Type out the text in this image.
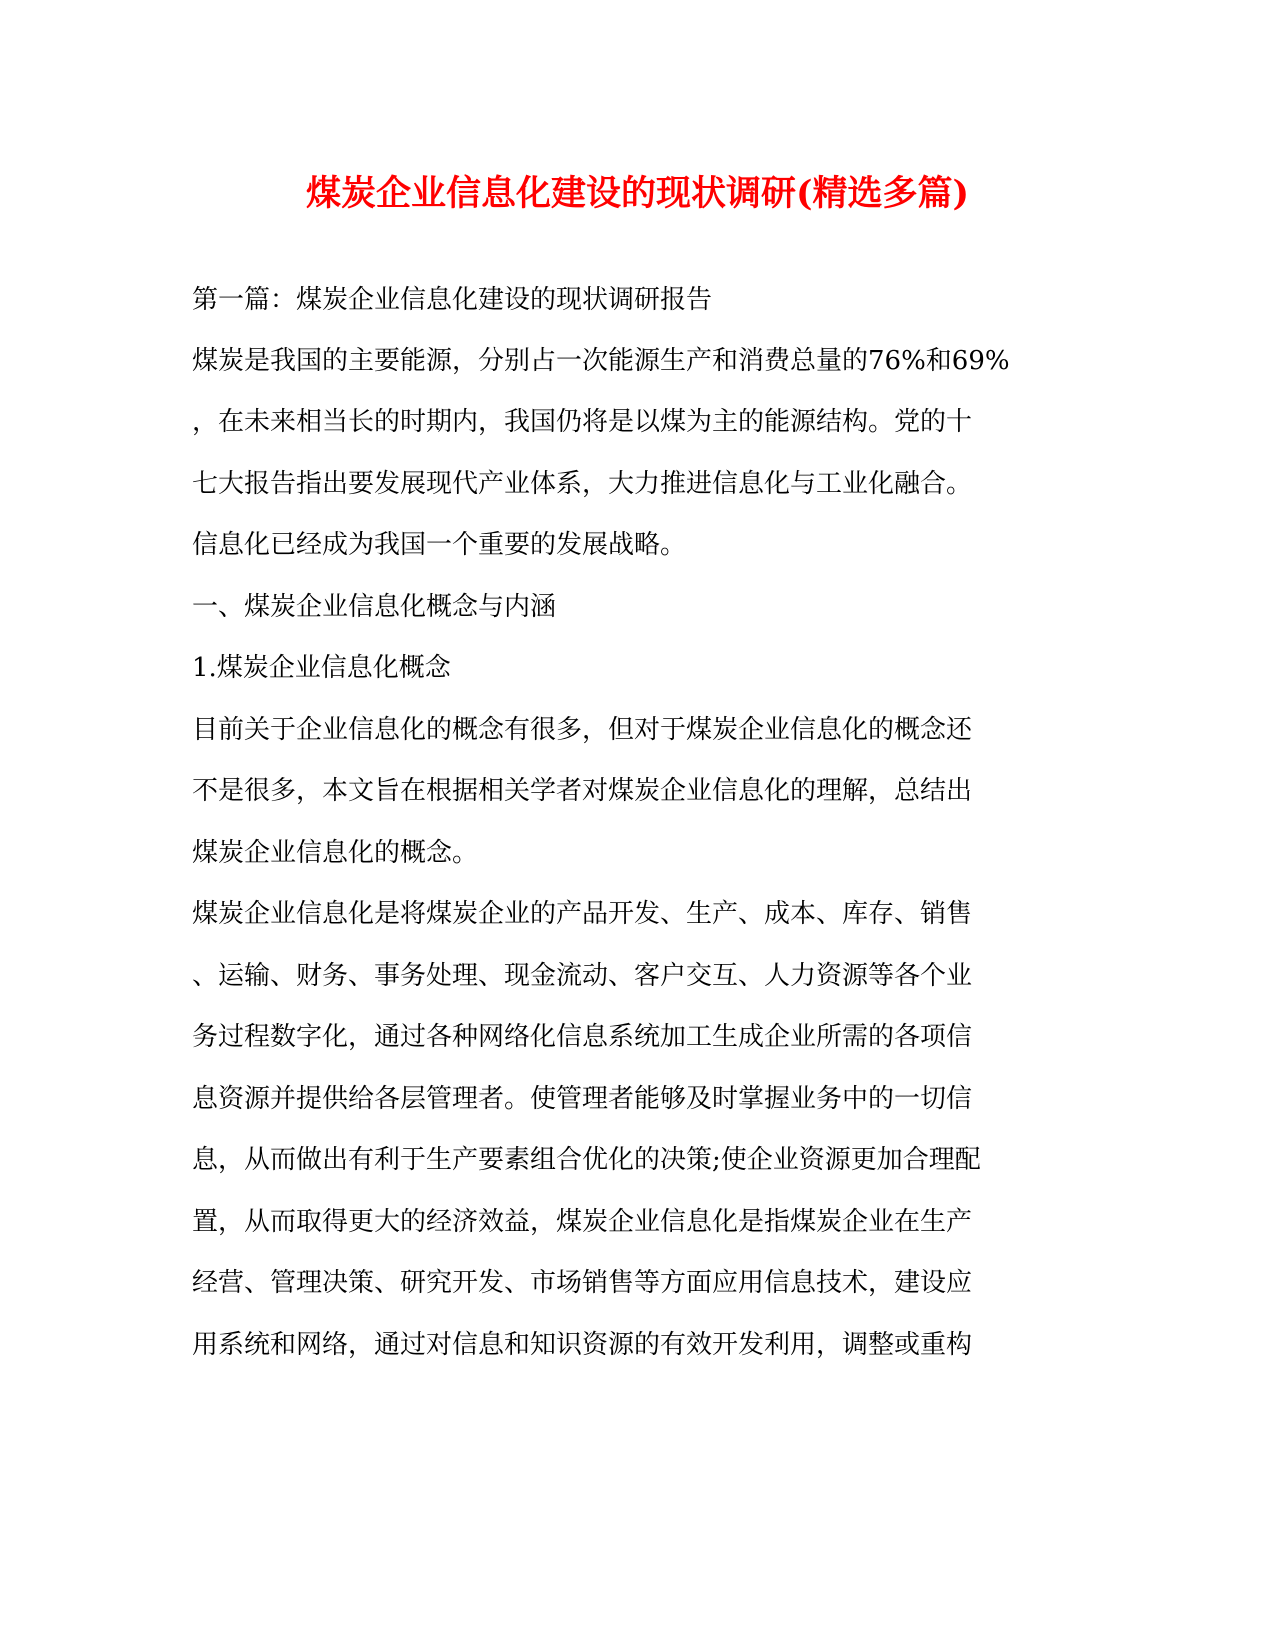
煤炭企业信息化建设的现状调研(精选多篇)
第一篇：煤炭企业信息化建设的现状调研报告
煤炭是我国的主要能源，分别占一次能源生产和消费总量的76%和69%
，在未来相当长的时期内，我国仍将是以煤为主的能源结构。党的十
七大报告指出要发展现代产业体系，大力推进信息化与工业化融合。
信息化已经成为我国一个重要的发展战略。
一、煤炭企业信息化概念与内涵
1.煤炭企业信息化概念
目前关于企业信息化的概念有很多，但对于煤炭企业信息化的概念还
不是很多，本文旨在根据相关学者对煤炭企业信息化的理解，总结出
煤炭企业信息化的概念。
煤炭企业信息化是将煤炭企业的产品开发、生产、成本、库存、销售
、运输、财务、事务处理、现金流动、客户交互、人力资源等各个业
务过程数字化，通过各种网络化信息系统加工生成企业所需的各项信
息资源并提供给各层管理者。使管理者能够及时掌握业务中的一切信
息，从而做出有利于生产要素组合优化的决策;使企业资源更加合理配
置，从而取得更大的经济效益，煤炭企业信息化是指煤炭企业在生产
经营、管理决策、研究开发、市场销售等方面应用信息技术，建设应
用系统和网络，通过对信息和知识资源的有效开发利用，调整或重构
